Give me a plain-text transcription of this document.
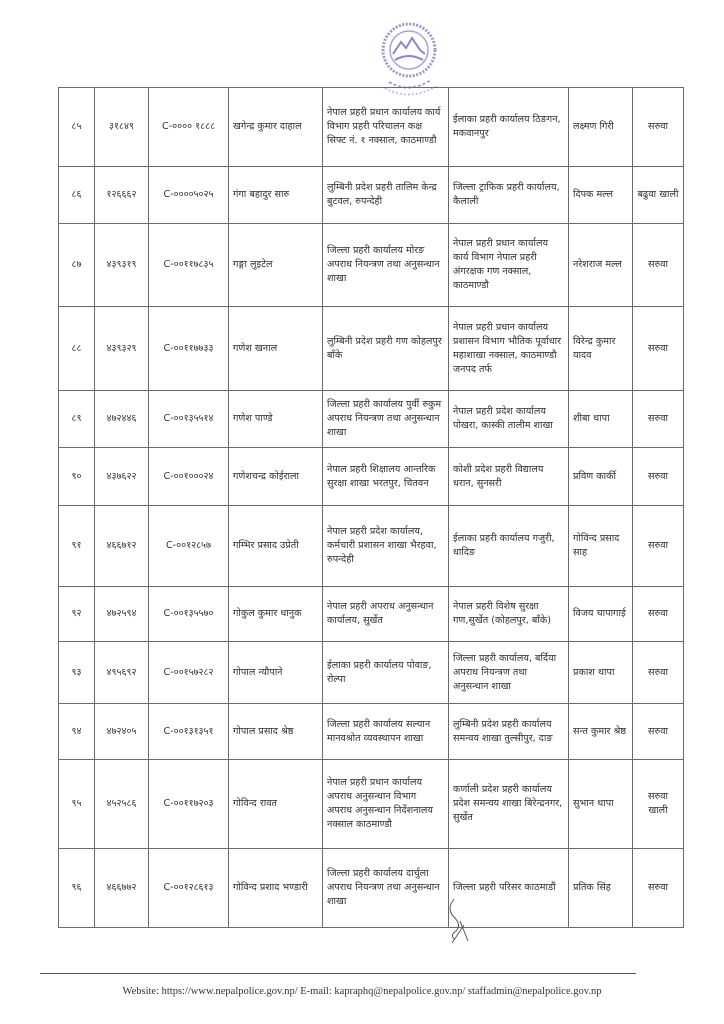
८५	३१८४९	C-०००० १८८८	खगेन्द्र कुमार दाहाल	नेपाल प्रहरी प्रधान कार्यालय कार्य विभाग प्रहरी परिचालन कक्ष सिफ्ट नं. १ नक्साल, काठमाण्डौ	ईलाका प्रहरी कार्यालय ठिङगन, मकवानपुर	लक्ष्मण गिरी	सरुवा
८६	१२६६६२	C-००००५०२५	गंगा बहादुर सारु	लुम्बिनी प्रदेश प्रहरी तालिम केन्द्र बुटवल, रुपन्देही	जिल्ला ट्राफिक प्रहरी कार्यालय, कैलाली	दिपक मल्ल	बढुवा खाली
८७	४३९३१९	C-००११७८३५	गङ्गा लुइटेल	जिल्ला प्रहरी कार्यालय मोरङ अपराध नियन्त्रण तथा अनुसन्धान शाखा	नेपाल प्रहरी प्रधान कार्यालय कार्य विभाग नेपाल प्रहरी अंगरक्षक गण नक्साल, काठमाण्डौ	नरेशराज मल्ल	सरुवा
८८	४३९३२९	C-००११७७३३	गणेश खनाल	लुम्बिनी प्रदेश प्रहरी गण कोहलपुर बाँके	नेपाल प्रहरी प्रधान कार्यालय प्रशासन विभाग भौतिक पूर्वाधार महाशाखा नक्साल, काठमाण्डौ जनपद तर्फ	विरेन्द्र कुमार यादव	सरुवा
८९	४७२४४६	C-००१३५५१४	गणेश पाण्डे	जिल्ला प्रहरी कार्यालय पुर्वी रुकुम अपराध नियन्त्रण तथा अनुसन्धान शाखा	नेपाल प्रहरी प्रदेश कार्यालय पोखरा, कास्की तालीम शाखा	शीबा थापा	सरुवा
९०	४३७६२२	C-००१०००२४	गणेशचन्द्र कोईराला	नेपाल प्रहरी शिक्षालय आन्तरिक सुरक्षा शाखा भरतपुर, चितवन	कोशी प्रदेश प्रहरी विद्यालय धरान, सुनसरी	प्रविण कार्की	सरुवा
९१	४६६७१२	C-००१२८५७	गम्भिर प्रसाद उप्रेती	नेपाल प्रहरी प्रदेश कार्यालय, कर्मचारी प्रशासन शाखा भैरहवा, रुपन्देही	ईलाका प्रहरी कार्यालय गजुरी, धादिङ	गोविन्द प्रसाद साह	सरुवा
९२	४७२५९४	C-००१३५५७०	गोकुल कुमार धानुक	नेपाल प्रहरी अपराध अनुसन्धान कार्यालय, सुर्खेत	नेपाल प्रहरी विशेष सुरक्षा गण,सुर्खेत (कोहलपुर, बाँके)	विजय चापागाई	सरुवा
९३	४९५६९२	C-००१५७२८२	गोपाल न्यौपाने	ईलाका प्रहरी कार्यालय पोवाङ, रोल्पा	जिल्ला प्रहरी कार्यालय, बर्दिया अपराध नियन्त्रण तथा अनुसन्धान शाखा	प्रकाश थापा	सरुवा
९४	४७२४०५	C-००१३१३५१	गोपाल प्रसाद श्रेष्ठ	जिल्ला प्रहरी कार्यालय सल्यान मानवश्रोत व्यवस्थापन शाखा	लुम्बिनी प्रदेश प्रहरी कार्यालय समन्वय शाखा तुल्सीपुर, दाङ	सन्त कुमार श्रेष्ठ	सरुवा
९५	४५२५८६	C-००११७२०३	गोविन्द रावत	नेपाल प्रहरी प्रधान कार्यालय अपराध अनुसन्धान विभाग अपराध अनुसन्धान निर्देशनालय नक्साल काठमाण्डौ	कर्णाली प्रदेश प्रहरी कार्यालय प्रदेश समन्वय शाखा बिरेन्द्रनगर, सुर्खेत	सुभान थापा	सरुवा खाली
९६	४६६७७२	C-००१२८६१३	गोविन्द प्रशाद भण्डारी	जिल्ला प्रहरी कार्यालय दार्चुला अपराध नियन्त्रण तथा अनुसन्धान शाखा	जिल्ला प्रहरी परिसर काठमाडौं	प्रतिक सिंह	सरुवा
Website: https://www.nepalpolice.gov.np/ E-mail: kapraphq@nepalpolice.gov.np/ staffadmin@nepalpolice.gov.np
